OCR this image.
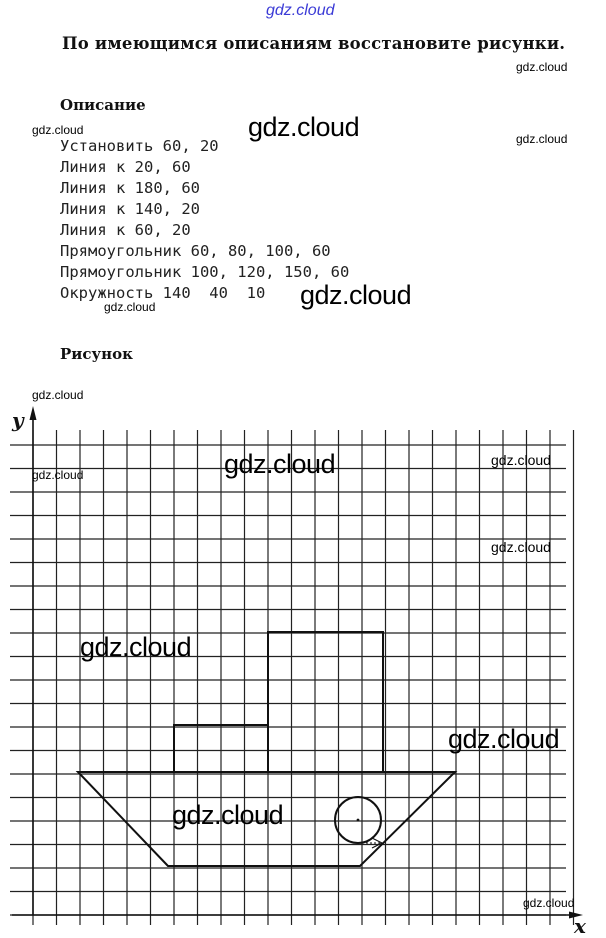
gdz.cloud
gdz.cloud
gdz.cloud	gdz.cloud	gdz.cloud
gdz.cloud
gdz.cloud
gdz.cloud
По имеющимся описаниям восстановите рисунки.
Описание
Установить 60, 20
Линия к 20, 60
Линия к 180, 60
Линия к 140, 20
Линия к 60, 20
Прямоугольник 60, 80, 100, 60
Прямоугольник 100, 120, 150, 60
Окружность 140  40  10
Рисунок
y
x
gdz.cloud	gdz.cloud	gdz.cloud
gdz.cloud
gdz.cloud
gdz.cloud
gdz.cloud
gdz.cloud
